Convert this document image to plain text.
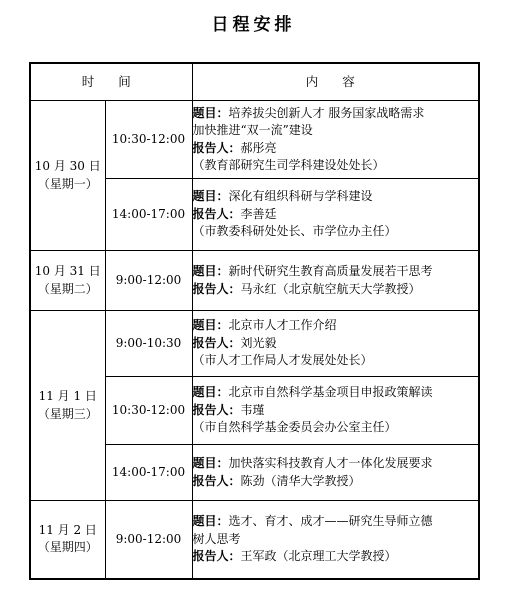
日程安排
时 间		内 容

10 月 30 日
（星期一）	10:30-12:00	题目：培养拔尖创新人才 服务国家战略需求
加快推进“双一流”建设
报告人：郝彤亮
（教育部研究生司学科建设处处长）

	14:00-17:00	题目：深化有组织科研与学科建设
报告人：李善廷
（市教委科研处处长、市学位办主任）

10 月 31 日
（星期二）	9:00-12:00	题目：新时代研究生教育高质量发展若干思考
报告人：马永红（北京航空航天大学教授）

11 月 1 日
（星期三）	9:00-10:30	题目：北京市人才工作介绍
报告人：刘光毅
（市人才工作局人才发展处处长）

	10:30-12:00	题目：北京市自然科学基金项目申报政策解读
报告人：韦瑾
（市自然科学基金委员会办公室主任）

	14:00-17:00	题目：加快落实科技教育人才一体化发展要求
报告人：陈劲（清华大学教授）

11 月 2 日
（星期四）	9:00-12:00	题目：选才、育才、成才——研究生导师立德
树人思考
报告人：王军政（北京理工大学教授）
